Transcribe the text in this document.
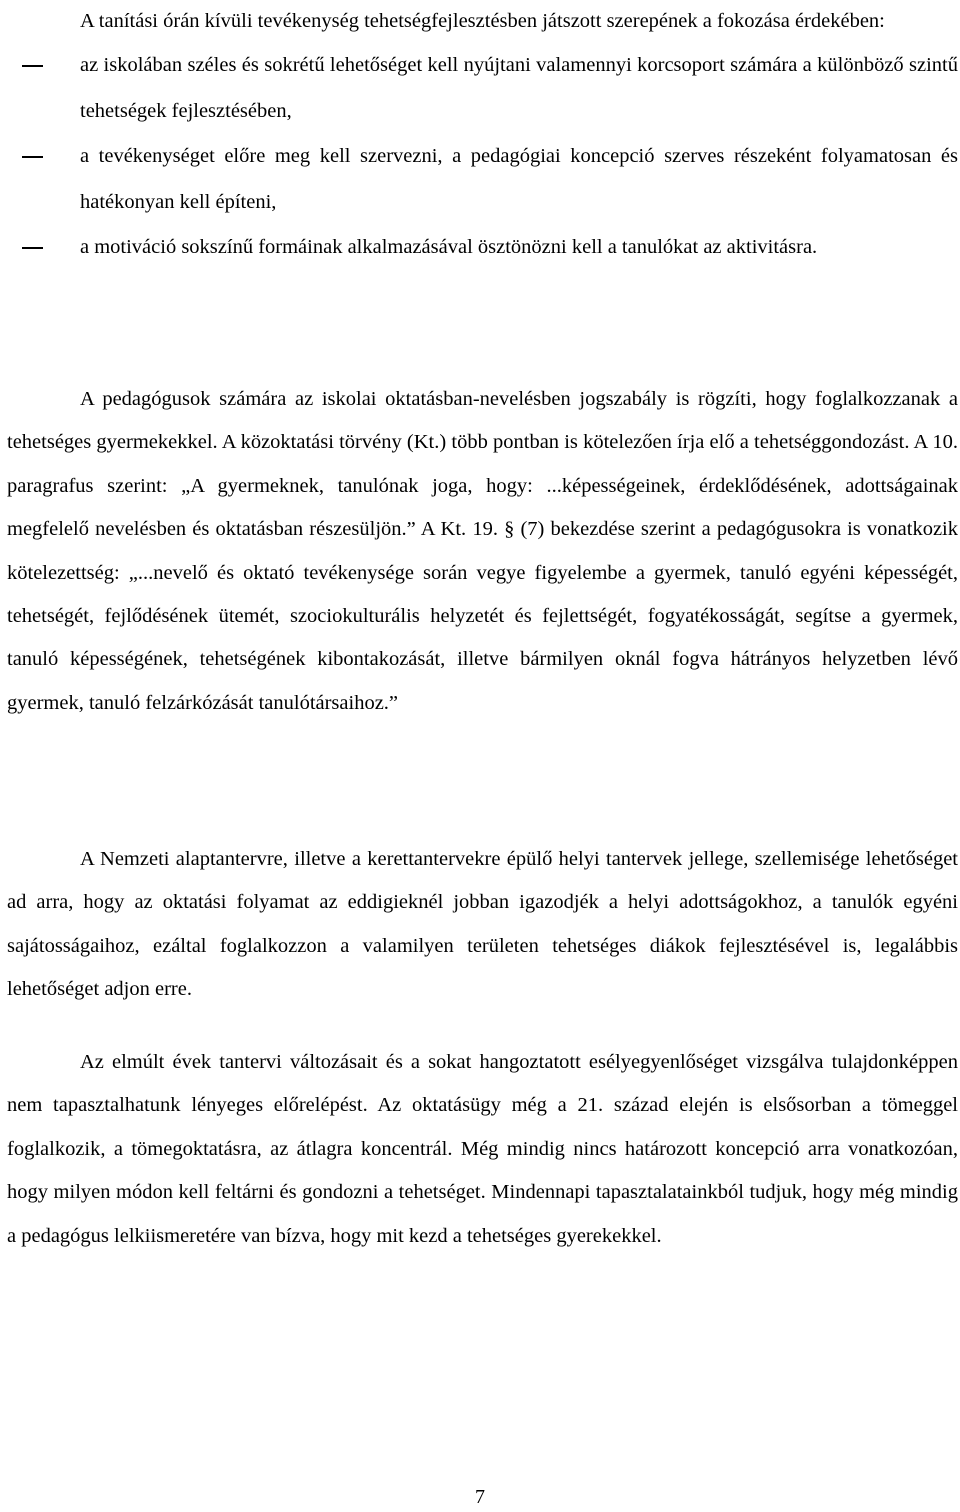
A tanítási órán kívüli tevékenység tehetségfejlesztésben játszott szerepének a fokozása érdekében:

az iskolában széles és sokrétű lehetőséget kell nyújtani valamennyi korcsoport számára a különböző szintű tehetségek fejlesztésében,
a tevékenységet előre meg kell szervezni, a pedagógiai koncepció szerves részeként folyamatosan és hatékonyan kell építeni,
a motiváció sokszínű formáinak alkalmazásával ösztönözni kell a tanulókat az aktivitásra.

A pedagógusok számára az iskolai oktatásban-nevelésben jogszabály is rögzíti, hogy foglalkozzanak a tehetséges gyermekekkel. A közoktatási törvény (Kt.) több pontban is kötelezően írja elő a tehetséggondozást. A 10. paragrafus szerint: „A gyermeknek, tanulónak joga, hogy: ...képességeinek, érdeklődésének, adottságainak megfelelő nevelésben és oktatásban részesüljön.” A Kt. 19. § (7) bekezdése szerint a pedagógusokra is vonatkozik kötelezettség: „...nevelő és oktató tevékenysége során vegye figyelembe a gyermek, tanuló egyéni képességét, tehetségét, fejlődésének ütemét, szociokulturális helyzetét és fejlettségét, fogyatékosságát, segítse a gyermek, tanuló képességének, tehetségének kibontakozását, illetve bármilyen oknál fogva hátrányos helyzetben lévő gyermek, tanuló felzárkózását tanulótársaihoz.”

A Nemzeti alaptantervre, illetve a kerettantervekre épülő helyi tantervek jellege, szellemisége lehetőséget ad arra, hogy az oktatási folyamat az eddigieknél jobban igazodjék a helyi adottságokhoz, a tanulók egyéni sajátosságaihoz, ezáltal foglalkozzon a valamilyen területen tehetséges diákok fejlesztésével is, legalábbis lehetőséget adjon erre.

Az elmúlt évek tantervi változásait és a sokat hangoztatott esélyegyenlőséget vizsgálva tulajdonképpen nem tapasztalhatunk lényeges előrelépést. Az oktatásügy még a 21. század elején is elsősorban a tömeggel foglalkozik, a tömegoktatásra, az átlagra koncentrál. Még mindig nincs határozott koncepció arra vonatkozóan, hogy milyen módon kell feltárni és gondozni a tehetséget. Mindennapi tapasztalatainkból tudjuk, hogy még mindig a pedagógus lelkiismeretére van bízva, hogy mit kezd a tehetséges gyerekekkel.

7
